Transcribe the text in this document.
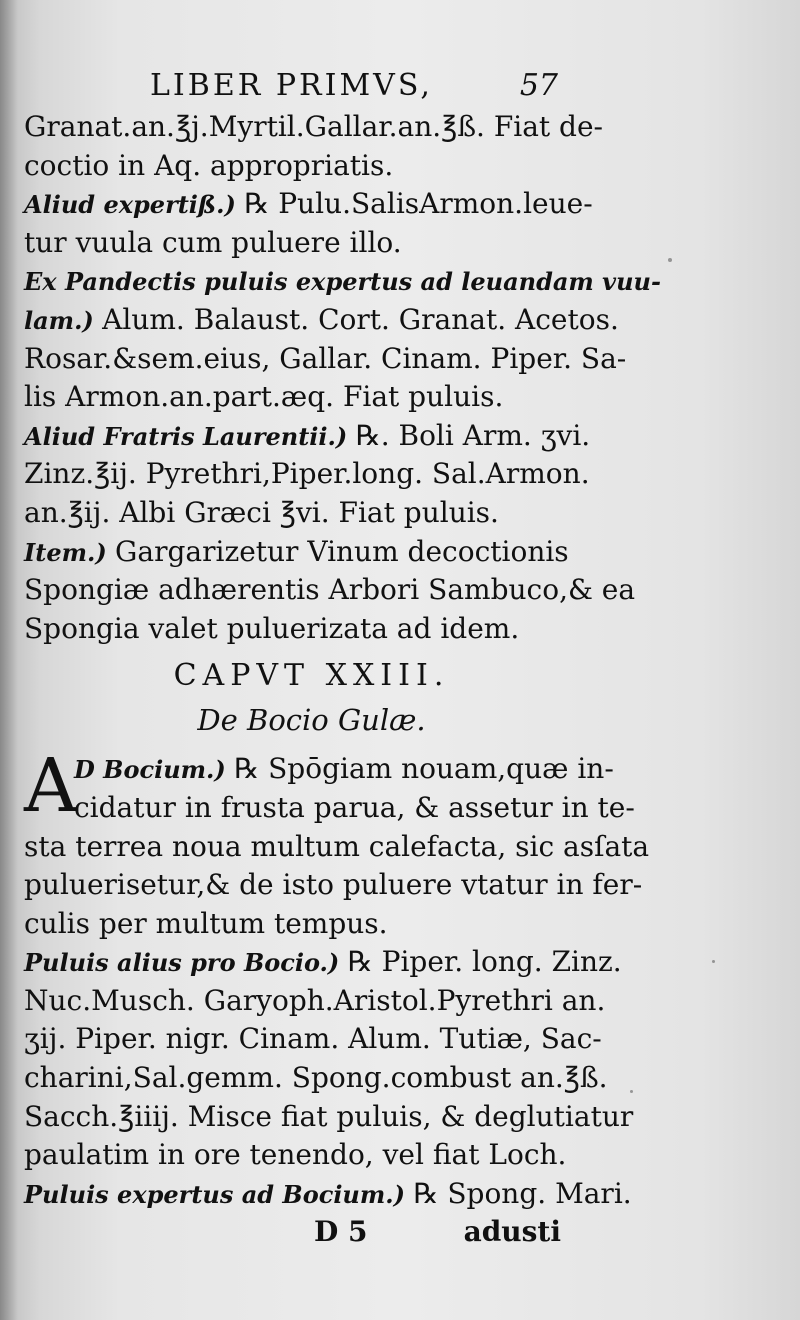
LIBER PRIMVS,	57
Granat.an.℥j.Myrtil.Gallar.an.℥ß. Fiat de-
coctio in Aq. appropriatis.
Aliud expertiß.) ℞ Pulu.SalisArmon.leue-
tur vuula cum puluere illo.
Ex Pandectis puluis expertus ad leuandam vuu-
lam.) Alum. Balaust. Cort. Granat. Acetos.
Rosar.&sem.eius, Gallar. Cinam. Piper. Sa-
lis Armon.an.part.æq. Fiat puluis.
Aliud Fratris Laurentii.) ℞. Boli Arm. ʒvi.
Zinz.℥ij. Pyrethri,Piper.long. Sal.Armon.
an.℥ij. Albi Græci ℥vi. Fiat puluis.
Item.) Gargarizetur Vinum decoctionis
Spongiæ adhærentis Arbori Sambuco,& ea
Spongia valet puluerizata ad idem.
CAPVT XXIII.
De Bocio Gulæ.
A
D Bocium.) ℞ Spōgiam nouam,quæ in-
cidatur in frusta parua, & assetur in te-
sta terrea noua multum calefacta, sic asſata
puluerisetur,& de isto puluere vtatur in fer-
culis per multum tempus.
Puluis alius pro Bocio.) ℞ Piper. long. Zinz.
Nuc.Musch. Garyoph.Aristol.Pyrethri an.
ʒij. Piper. nigr. Cinam. Alum. Tutiæ, Sac-
charini,Sal.gemm. Spong.combust an.℥ß.
Sacch.℥iiij. Misce fiat puluis, & deglutiatur
paulatim in ore tenendo, vel fiat Loch.
Puluis expertus ad Bocium.) ℞ Spong. Mari.
D 5	adusti
